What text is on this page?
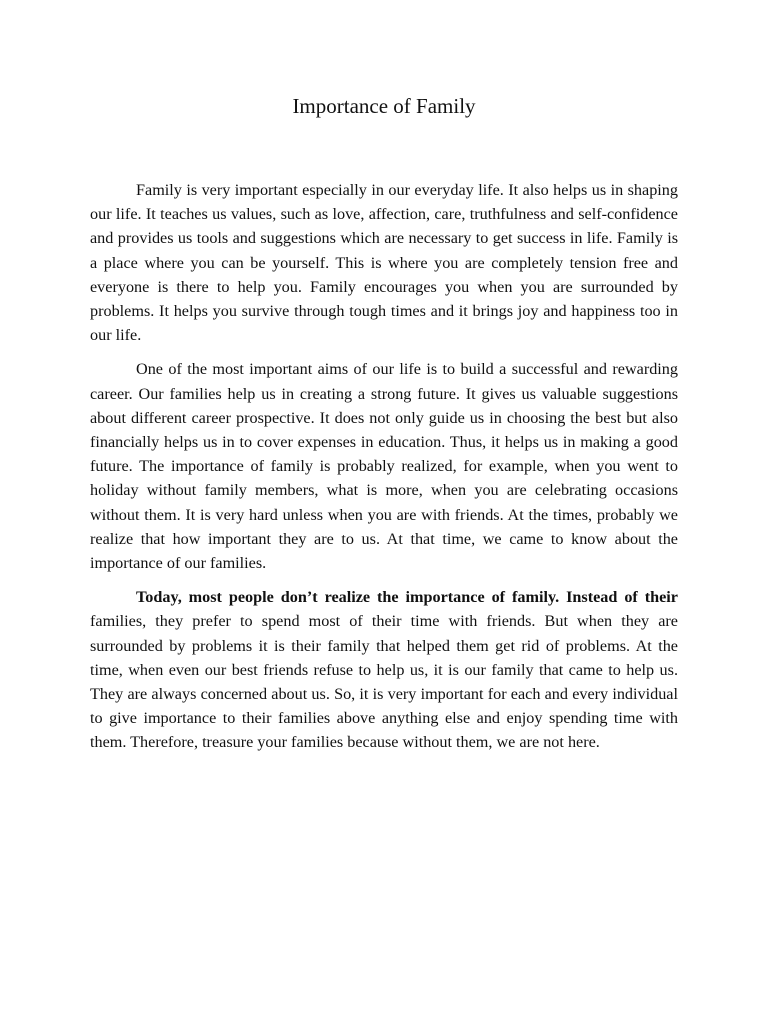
Importance of Family

Family is very important especially in our everyday life. It also helps us in shaping our life. It teaches us values, such as love, affection, care, truthfulness and self-confidence and provides us tools and suggestions which are necessary to get success in life. Family is a place where you can be yourself. This is where you are completely tension free and everyone is there to help you. Family encourages you when you are surrounded by problems. It helps you survive through tough times and it brings joy and happiness too in our life.

One of the most important aims of our life is to build a successful and rewarding career. Our families help us in creating a strong future. It gives us valuable suggestions about different career prospective. It does not only guide us in choosing the best but also financially helps us in to cover expenses in education. Thus, it helps us in making a good future. The importance of family is probably realized, for example, when you went to holiday without family members, what is more, when you are celebrating occasions without them. It is very hard unless when you are with friends. At the times, probably we realize that how important they are to us. At that time, we came to know about the importance of our families.

Today, most people don’t realize the importance of family. Instead of their families, they prefer to spend most of their time with friends. But when they are surrounded by problems it is their family that helped them get rid of problems. At the time, when even our best friends refuse to help us, it is our family that came to help us. They are always concerned about us. So, it is very important for each and every individual to give importance to their families above anything else and enjoy spending time with them. Therefore, treasure your families because without them, we are not here.
